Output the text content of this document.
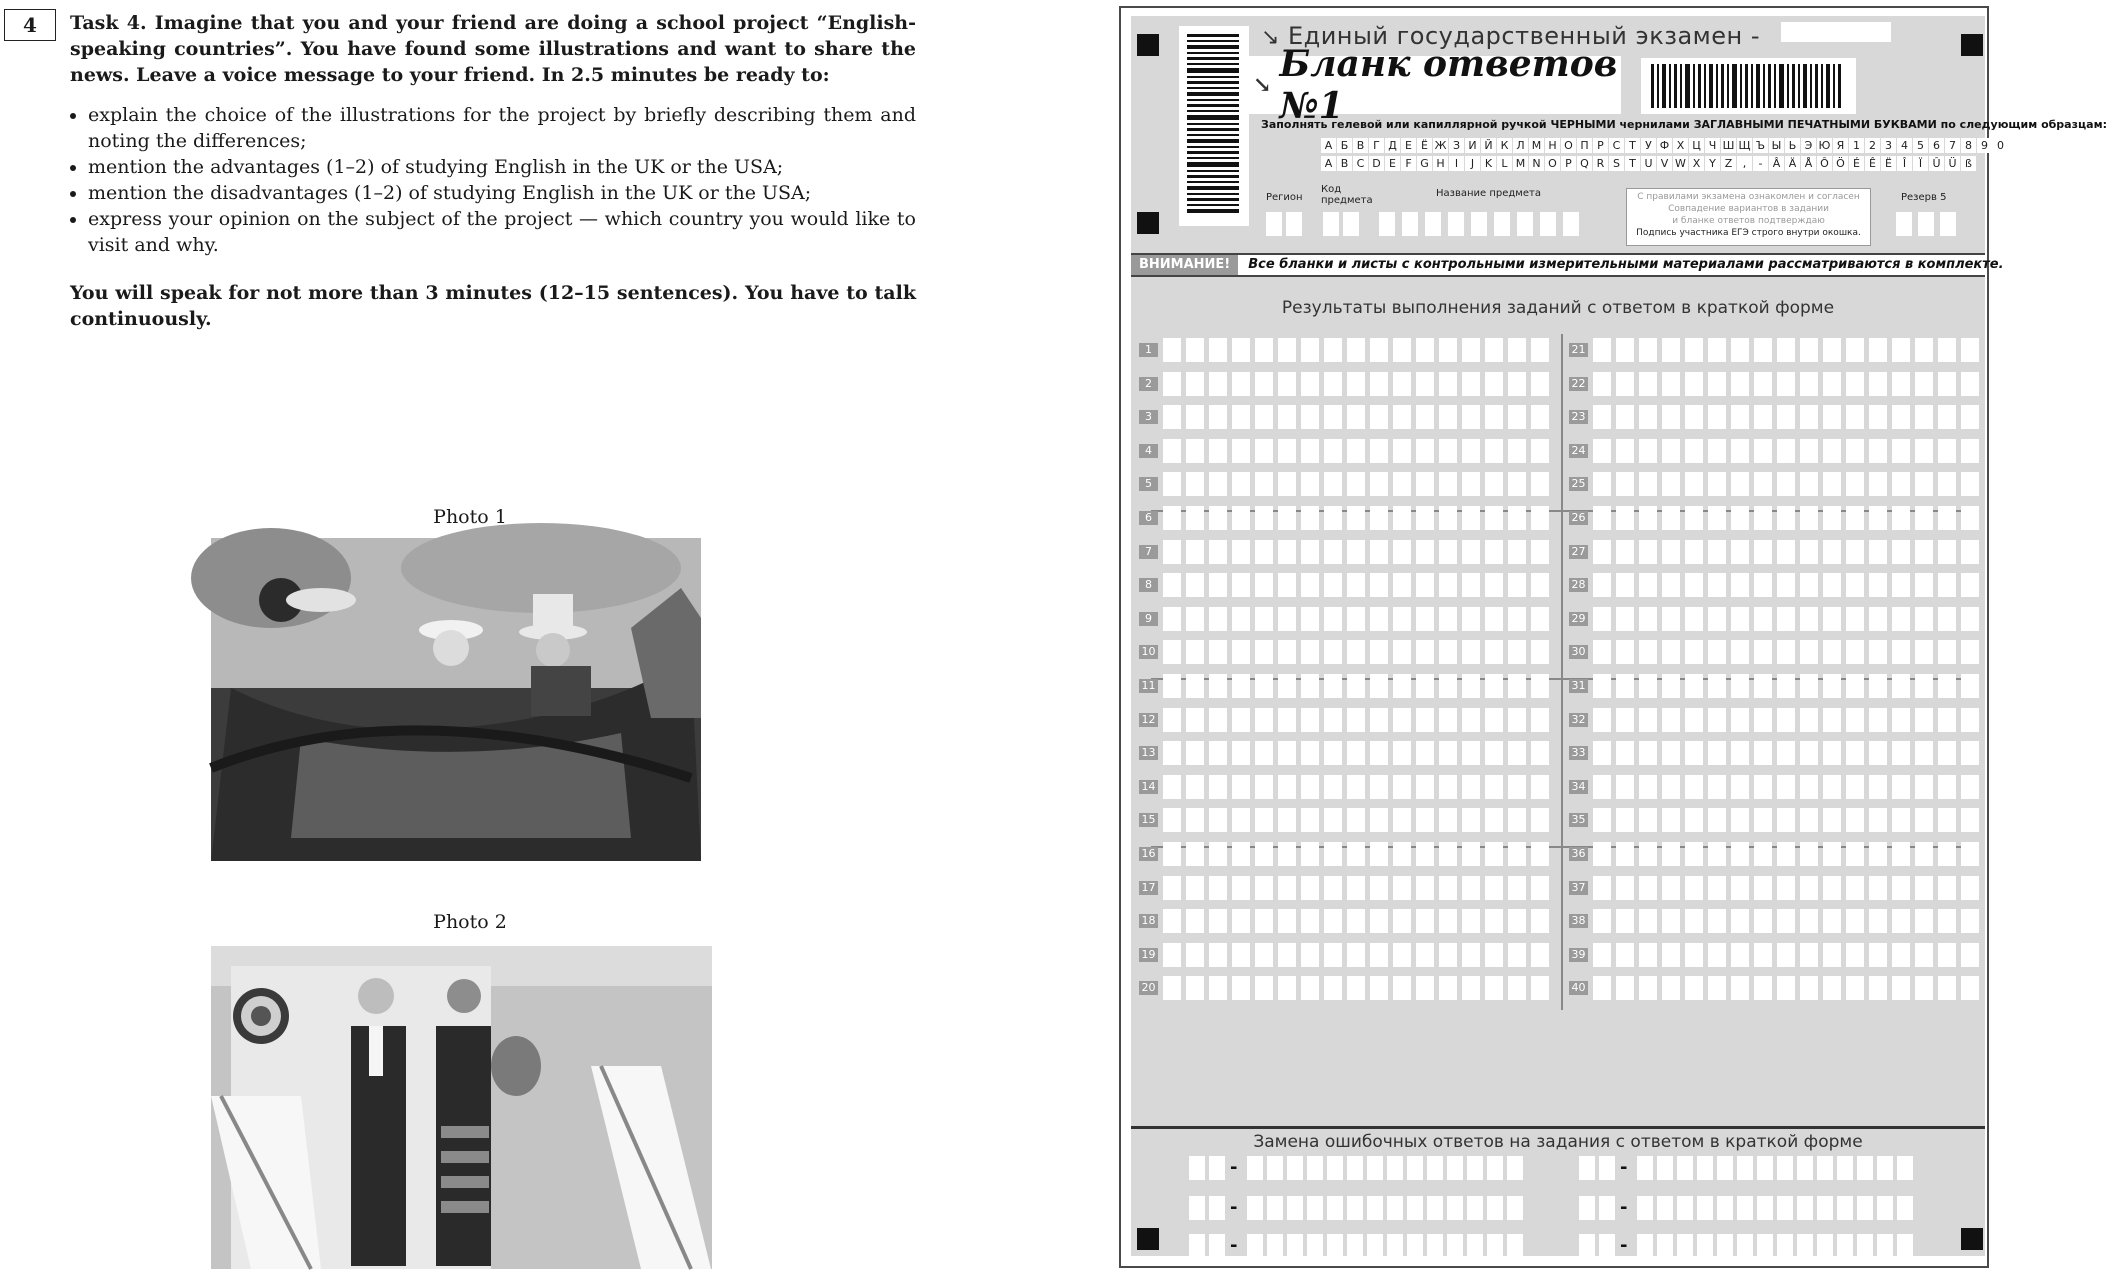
4	Task 4. Imagine that you and your friend are doing a school project “English-speaking countries”. You have found some illustrations and want to share the news. Leave a voice message to your friend. In 2.5 minutes be ready to:

• explain the choice of the illustrations for the project by briefly describing them and noting the differences;
• mention the advantages (1–2) of studying English in the UK or the USA;
• mention the disadvantages (1–2) of studying English in the UK or the USA;
• express your opinion on the subject of the project — which country you would like to visit and why.

You will speak for not more than 3 minutes (12–15 sentences). You have to talk continuously.

Photo 1
Photo 2
↘ Единый государственный экзамен -
↘ Бланк ответов №1
Заполнять гелевой или капиллярной ручкой ЧЕРНЫМИ чернилами ЗАГЛАВНЫМИ ПЕЧАТНЫМИ БУКВАМИ по следующим образцам:
А Б В Г Д Е Ё Ж З И Й К Л М Н О П Р С Т У Ф Х Ц Ч Ш Щ Ъ Ы Ь Э Ю Я 1 2 3 4 5 6 7 8 9 0
A B C D E F G H I	J K L M N O P Q R S T U V W X Y Z ,	- Â Ä Å Ô Ö É Ê Ë Î	Ï Û Ü ß
Регион
Код предмета
Название предмета	С правилами экзамена ознакомлен и согласен
Совпадение вариантов в задании
и бланке ответов подтверждаю
Подпись участника ЕГЭ строго внутри окошка.
Резерв 5
ВНИМАНИЕ! Все бланки и листы с контрольными измерительными материалами рассматриваются в комплекте.
Результаты выполнения заданий с ответом в краткой форме
1	21
2	22
3	23
4	24
5	25
6	26
7	27
8	28
9	29
10	30
11	31
12	32
13	33
14	34
15	35
16	36
17	37
18	38
19	39
20	40
Замена ошибочных ответов на задания с ответом в краткой форме
-	-
-	-
-	-
